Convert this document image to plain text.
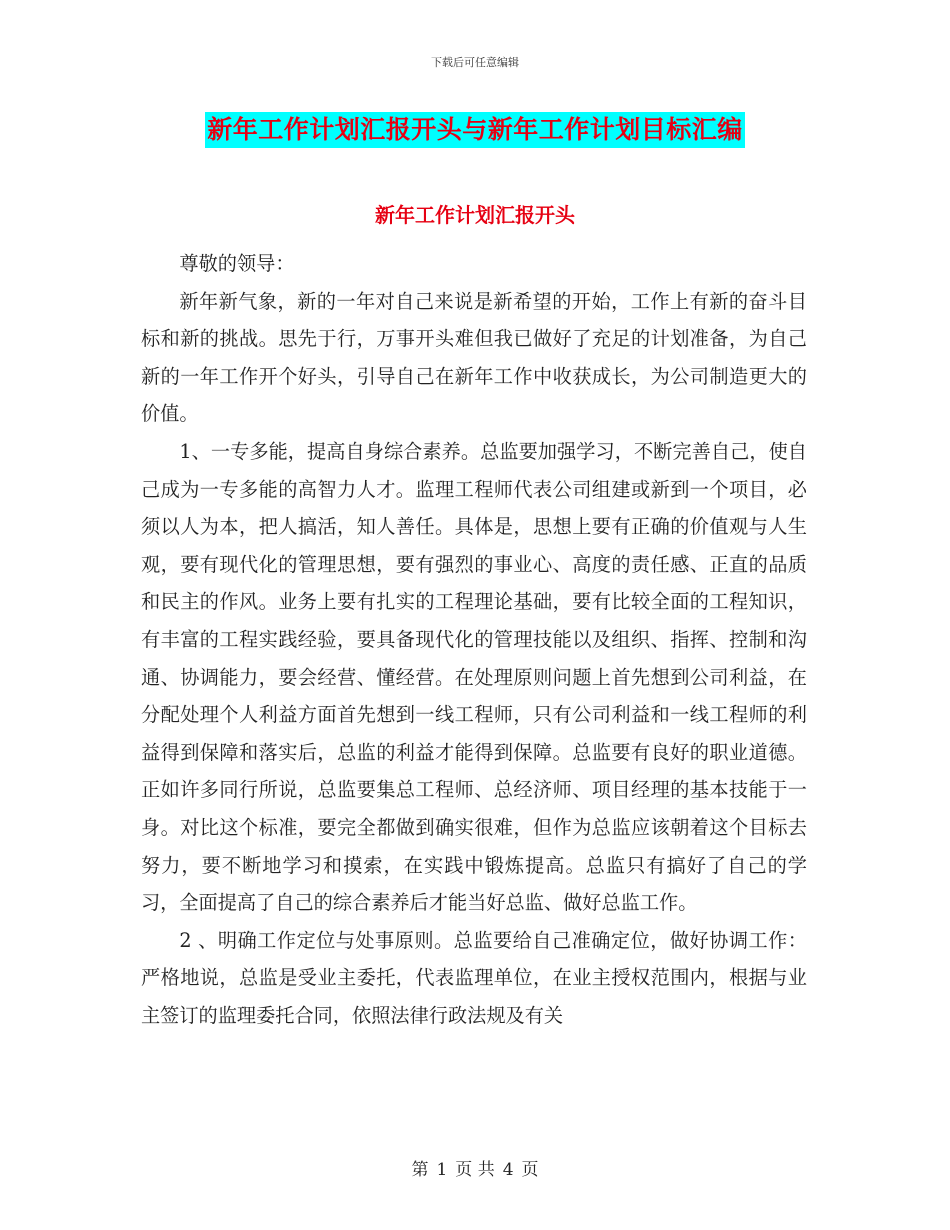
下载后可任意编辑
新年工作计划汇报开头与新年工作计划目标汇编
新年工作计划汇报开头

尊敬的领导：

新年新气象，新的一年对自己来说是新希望的开始，工作上有新的奋斗目标和新的挑战。思先于行，万事开头难但我已做好了充足的计划准备，为自己新的一年工作开个好头，引导自己在新年工作中收获成长，为公司制造更大的价值。

1、一专多能，提高自身综合素养。总监要加强学习，不断完善自己，使自己成为一专多能的高智力人才。监理工程师代表公司组建或新到一个项目，必须以人为本，把人搞活，知人善任。具体是，思想上要有正确的价值观与人生观，要有现代化的管理思想，要有强烈的事业心、高度的责任感、正直的品质和民主的作风。业务上要有扎实的工程理论基础，要有比较全面的工程知识，有丰富的工程实践经验，要具备现代化的管理技能以及组织、指挥、控制和沟通、协调能力，要会经营、懂经营。在处理原则问题上首先想到公司利益，在分配处理个人利益方面首先想到一线工程师，只有公司利益和一线工程师的利益得到保障和落实后，总监的利益才能得到保障。总监要有良好的职业道德。正如许多同行所说，总监要集总工程师、总经济师、项目经理的基本技能于一身。对比这个标准，要完全都做到确实很难，但作为总监应该朝着这个目标去努力，要不断地学习和摸索，在实践中锻炼提高。总监只有搞好了自己的学习，全面提高了自己的综合素养后才能当好总监、做好总监工作。

2 、明确工作定位与处事原则。总监要给自己准确定位，做好协调工作：严格地说，总监是受业主委托，代表监理单位，在业主授权范围内，根据与业主签订的监理委托合同，依照法律行政法规及有关

第 1 页 共 4 页
